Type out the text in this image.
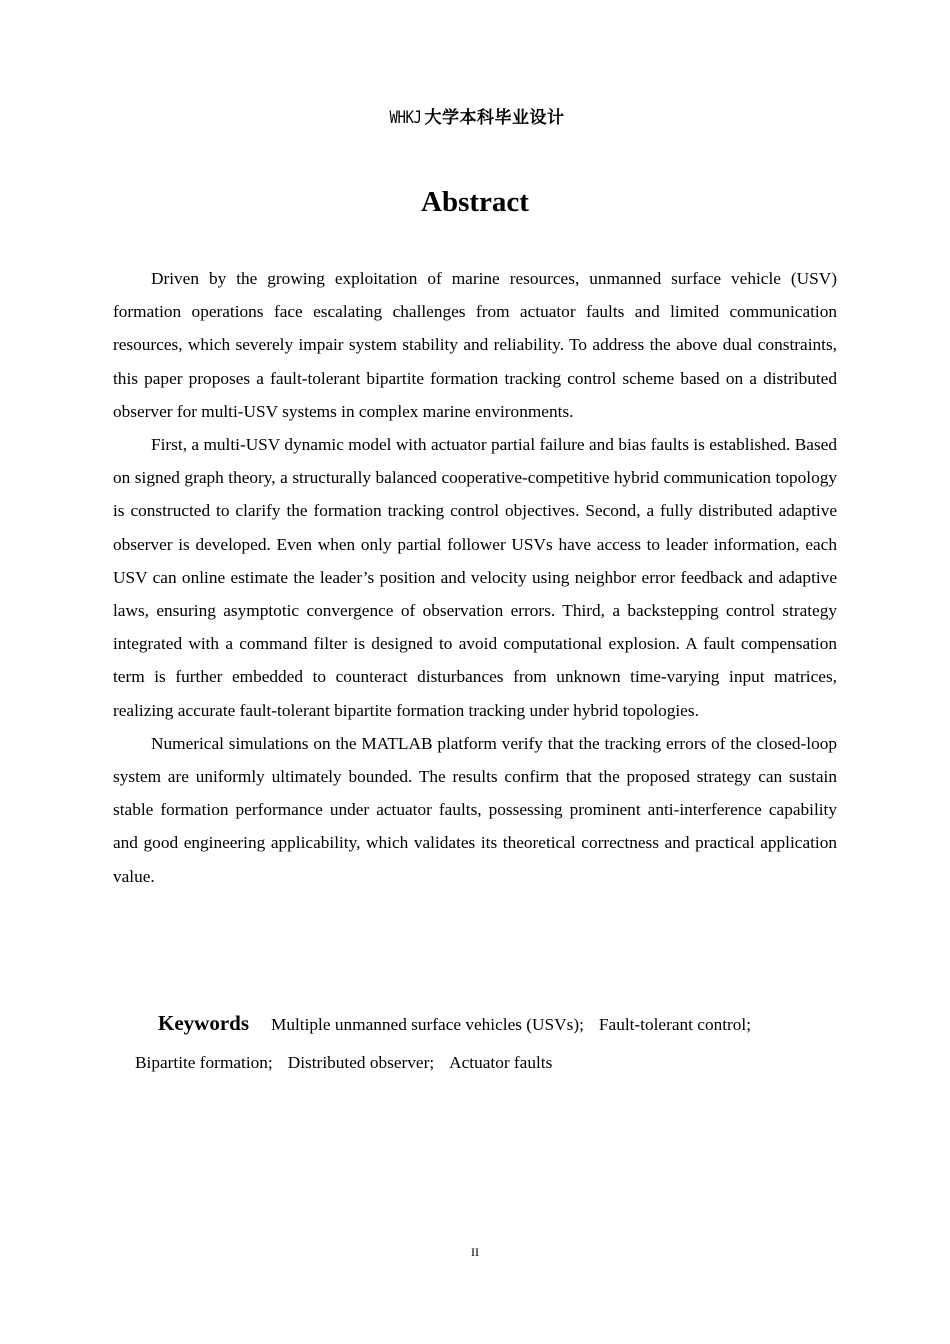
WHKJ 大学本科毕业设计
Abstract

Driven by the growing exploitation of marine resources, unmanned surface vehicle (USV) formation operations face escalating challenges from actuator faults and limited communication resources, which severely impair system stability and reliability. To address the above dual constraints, this paper proposes a fault-tolerant bipartite formation tracking control scheme based on a distributed observer for multi-USV systems in complex marine environments.

First, a multi-USV dynamic model with actuator partial failure and bias faults is established. Based on signed graph theory, a structurally balanced cooperative-competitive hybrid communication topology is constructed to clarify the formation tracking control objectives. Second, a fully distributed adaptive observer is developed. Even when only partial follower USVs have access to leader information, each USV can online estimate the leader’s position and velocity using neighbor error feedback and adaptive laws, ensuring asymptotic convergence of observation errors. Third, a backstepping control strategy integrated with a command filter is designed to avoid computational explosion. A fault compensation term is further embedded to counteract disturbances from unknown time-varying input matrices, realizing accurate fault-tolerant bipartite formation tracking under hybrid topologies.

Numerical simulations on the MATLAB platform verify that the tracking errors of the closed-loop system are uniformly ultimately bounded. The results confirm that the proposed strategy can sustain stable formation performance under actuator faults, possessing prominent anti-interference capability and good engineering applicability, which validates its theoretical correctness and practical application value.

Keywords Multiple unmanned surface vehicles (USVs); Fault-tolerant control;
Bipartite formation; Distributed observer; Actuator faults
II
